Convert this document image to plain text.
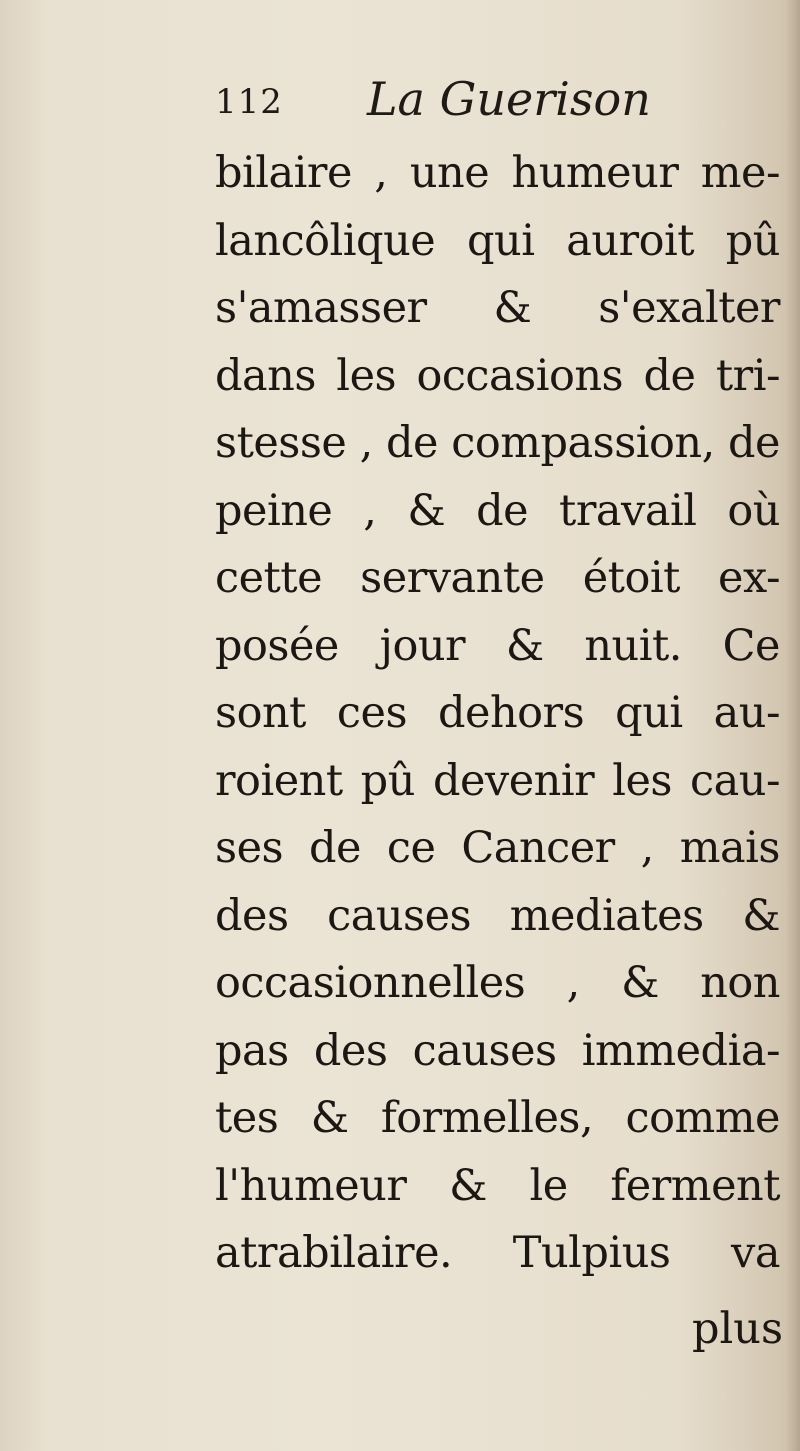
112 La Guerison
bilaire , une humeur me-
lancôlique qui auroit pû
s'amasser & s'exalter
dans les occasions de tri-
stesse , de compassion, de
peine , & de travail où
cette servante étoit ex-
posée jour & nuit. Ce
sont ces dehors qui au-
roient pû devenir les cau-
ses de ce Cancer , mais
des causes mediates &
occasionnelles , & non
pas des causes immedia-
tes & formelles, comme
l'humeur & le ferment
atrabilaire. Tulpius va
plus
